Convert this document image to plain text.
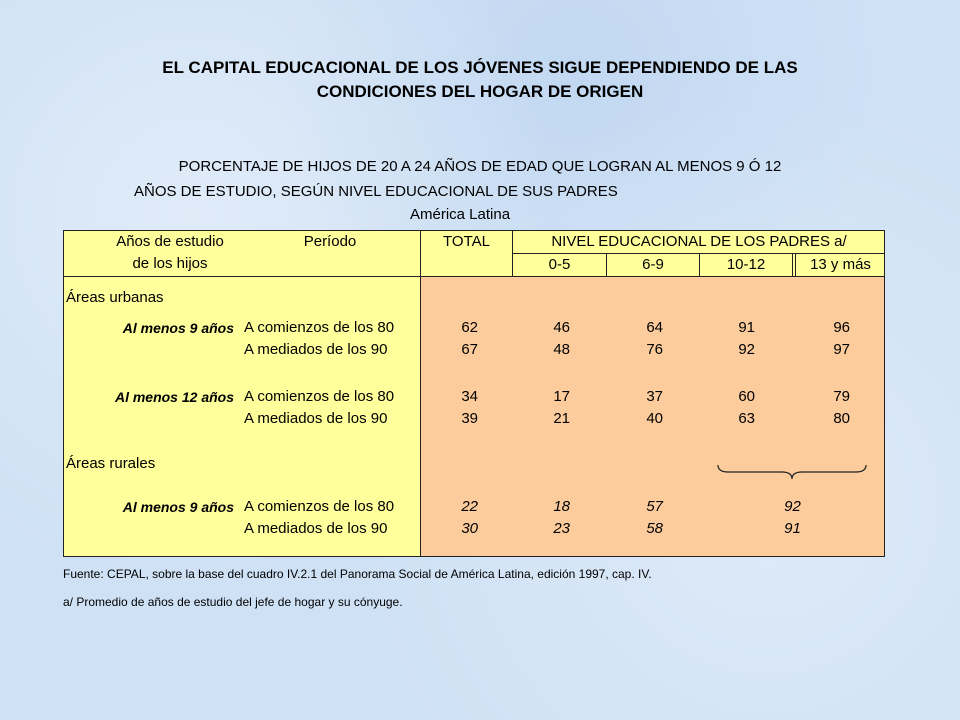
EL CAPITAL EDUCACIONAL DE LOS JÓVENES SIGUE DEPENDIENDO DE LAS
CONDICIONES DEL HOGAR DE ORIGEN
PORCENTAJE DE HIJOS DE 20 A 24 AÑOS DE EDAD QUE LOGRAN AL MENOS 9 Ó 12
AÑOS DE ESTUDIO, SEGÚN NIVEL EDUCACIONAL DE SUS PADRES
América Latina
Años de estudio
de los hijos
Período	TOTAL	NIVEL EDUCACIONAL DE LOS PADRES a/
0-5	6-9	10-12	13 y más
Áreas urbanas
Al menos 9 años A comienzos de los 80	62	46	64	91	96
A mediados de los 90	67	48	76	92	97
Al menos 12 años A comienzos de los 80	34	17	37	60	79
A mediados de los 90	39	21	40	63	80
Áreas rurales
Al menos 9 años A comienzos de los 80	22	18	57	92
A mediados de los 90	30	23	58	91
Fuente: CEPAL, sobre la base del cuadro IV.2.1 del Panorama Social de América Latina, edición 1997, cap. IV.
a/ Promedio de años de estudio del jefe de hogar y su cónyuge.
